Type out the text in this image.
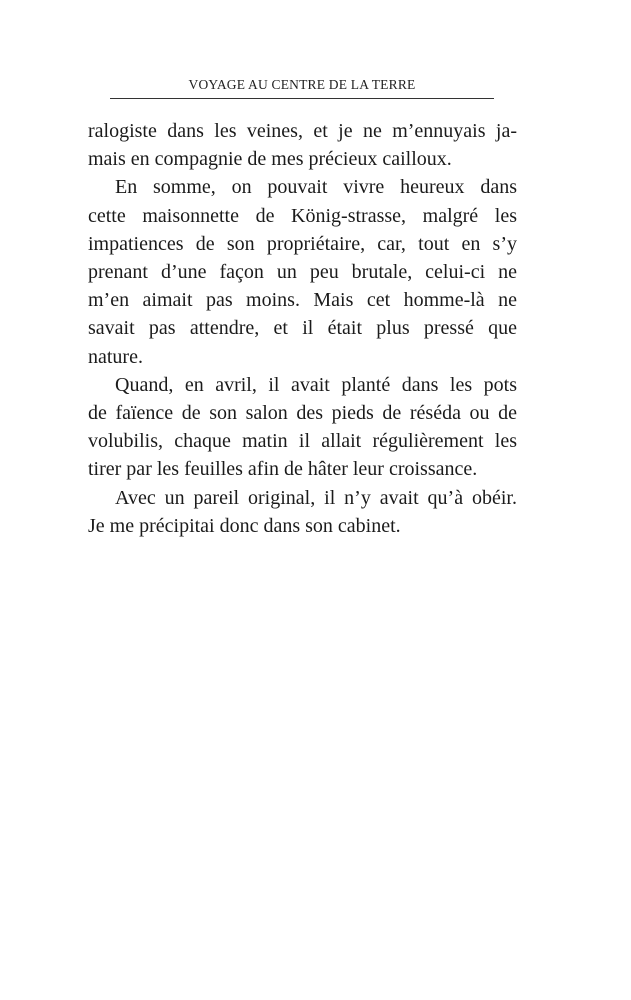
VOYAGE AU CENTRE DE LA TERRE
ralogiste dans les veines, et je ne m’ennuyais ja-
mais en compagnie de mes précieux cailloux.
En somme, on pouvait vivre heureux dans
cette maisonnette de König-strasse, malgré les
impatiences de son propriétaire, car, tout en s’y
prenant d’une façon un peu brutale, celui-ci ne
m’en aimait pas moins. Mais cet homme-là ne
savait pas attendre, et il était plus pressé que
nature.
Quand, en avril, il avait planté dans les pots
de faïence de son salon des pieds de réséda ou de
volubilis, chaque matin il allait régulièrement les
tirer par les feuilles afin de hâter leur croissance.
Avec un pareil original, il n’y avait qu’à obéir.
Je me précipitai donc dans son cabinet.
